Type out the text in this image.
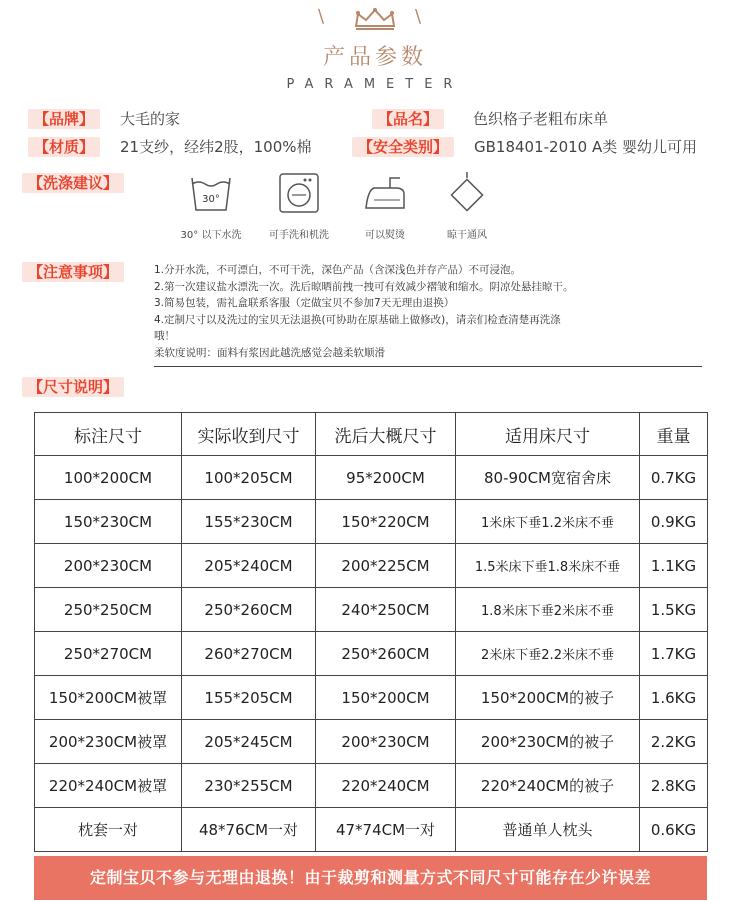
\	\
产品参数
PARAMETER
【 品牌 】	大毛的家	【 品名 】	色织格子老粗布床单
【 材质 】	21支纱，经纬2股，100%棉	【 安全类别 】	GB18401-2010 A类 婴幼儿可用
【 洗涤建议 】
30°
30° 以下水洗	可手洗和机洗	可以熨烫	晾干通风
【 注意事项 】	1.分开水洗，不可漂白，不可干洗，深色产品（含深浅色并存产品）不可浸泡。
2.第一次建议盐水漂洗一次。洗后晾晒前拽一拽可有效减少褶皱和缩水。阴凉处悬挂晾干。
3.简易包装，需礼盒联系客服（定做宝贝不参加7天无理由退换）
4.定制尺寸以及洗过的宝贝无法退换(可协助在原基础上做修改)，请亲们检查清楚再洗涤
哦！
柔软度说明：面料有浆因此越洗感觉会越柔软顺滑
【 尺寸说明 】
标注尺寸	实际收到尺寸	洗后大概尺寸	适用床尺寸	重量
100*200CM	100*205CM	95*200CM	80-90CM宽宿舍床	0.7KG
150*230CM	155*230CM	150*220CM	1米床下垂1.2米床不垂	0.9KG
200*230CM	205*240CM	200*225CM	1.5米床下垂1.8米床不垂	1.1KG
250*250CM	250*260CM	240*250CM	1.8米床下垂2米床不垂	1.5KG
250*270CM	260*270CM	250*260CM	2米床下垂2.2米床不垂	1.7KG
150*200CM被罩	155*205CM	150*200CM	150*200CM的被子	1.6KG
200*230CM被罩	205*245CM	200*230CM	200*230CM的被子	2.2KG
220*240CM被罩	230*255CM	220*240CM	220*240CM的被子	2.8KG
枕套一对	48*76CM一对	47*74CM一对	普通单人枕头	0.6KG
定制宝贝不参与无理由退换！由于裁剪和测量方式不同尺寸可能存在少许误差
